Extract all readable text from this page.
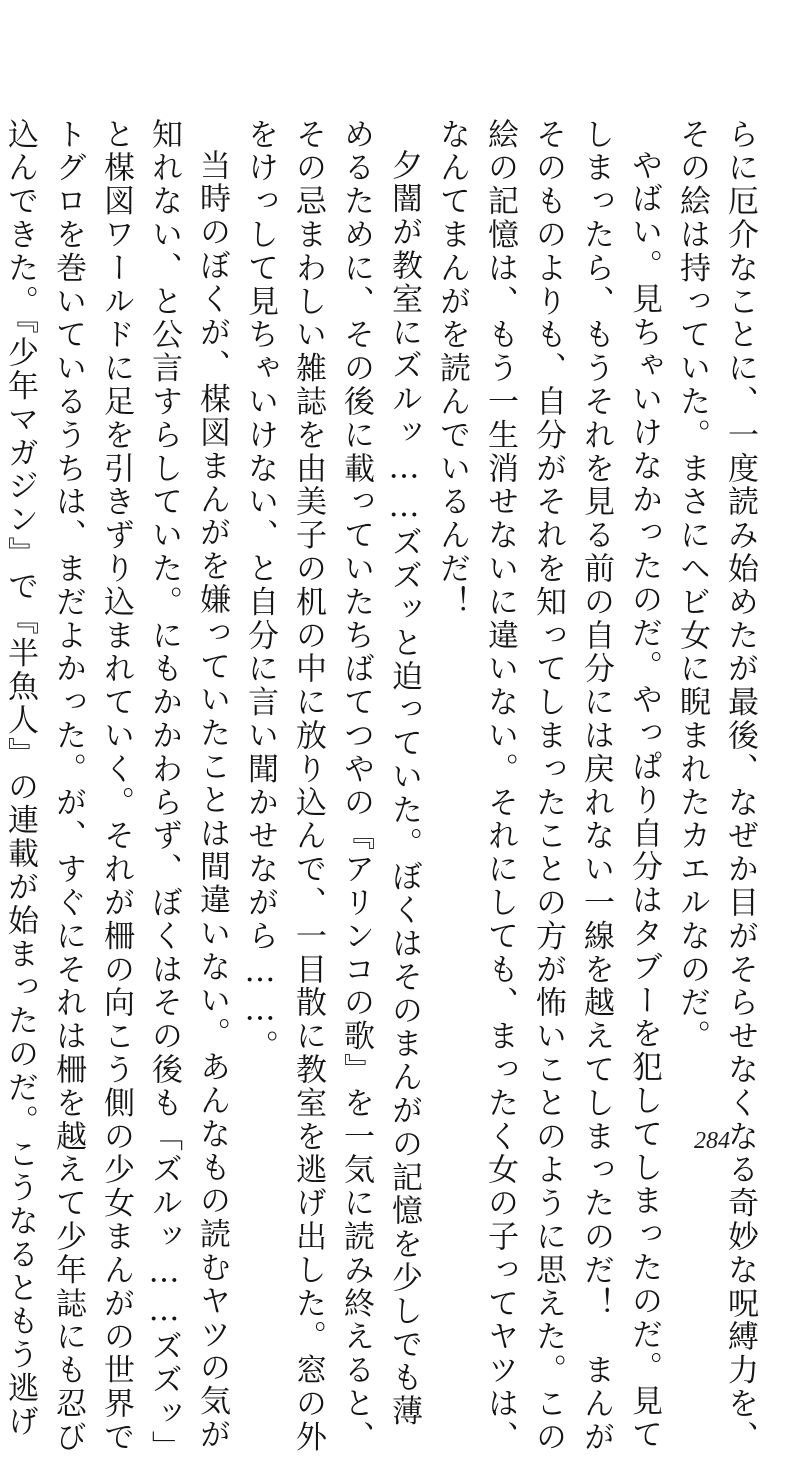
らに厄介なことに、一度読み始めたが最後、なぜか目がそらせなくなる奇妙な呪縛力を、
その絵は持っていた。まさにヘビ女に睨まれたカエルなのだ。
やばい。見ちゃいけなかったのだ。やっぱり自分はタブーを犯してしまったのだ。見て
しまったら、もうそれを見る前の自分には戻れない一線を越えてしまったのだ！　まんが
そのものよりも、自分がそれを知ってしまったことの方が怖いことのように思えた。この
絵の記憶は、もう一生消せないに違いない。それにしても、まったく女の子ってヤツは、
なんてまんがを読んでいるんだ！
夕闇が教室にズルッ……ズズッと迫っていた。ぼくはそのまんがの記憶を少しでも薄
めるために、その後に載っていたちばてつやの『アリンコの歌』を一気に読み終えると、
その忌まわしい雑誌を由美子の机の中に放り込んで、一目散に教室を逃げ出した。窓の外
をけっして見ちゃいけない、と自分に言い聞かせながら……。
当時のぼくが、楳図まんがを嫌っていたことは間違いない。あんなもの読むヤツの気が
知れない、と公言すらしていた。にもかかわらず、ぼくはその後も「ズルッ……ズズッ」
と楳図ワールドに足を引きずり込まれていく。それが柵の向こう側の少女まんがの世界で
トグロを巻いているうちは、まだよかった。が、すぐにそれは柵を越えて少年誌にも忍び
込んできた。『少年マガジン』で『半魚人』の連載が始まったのだ。こうなるともう逃げ	284
